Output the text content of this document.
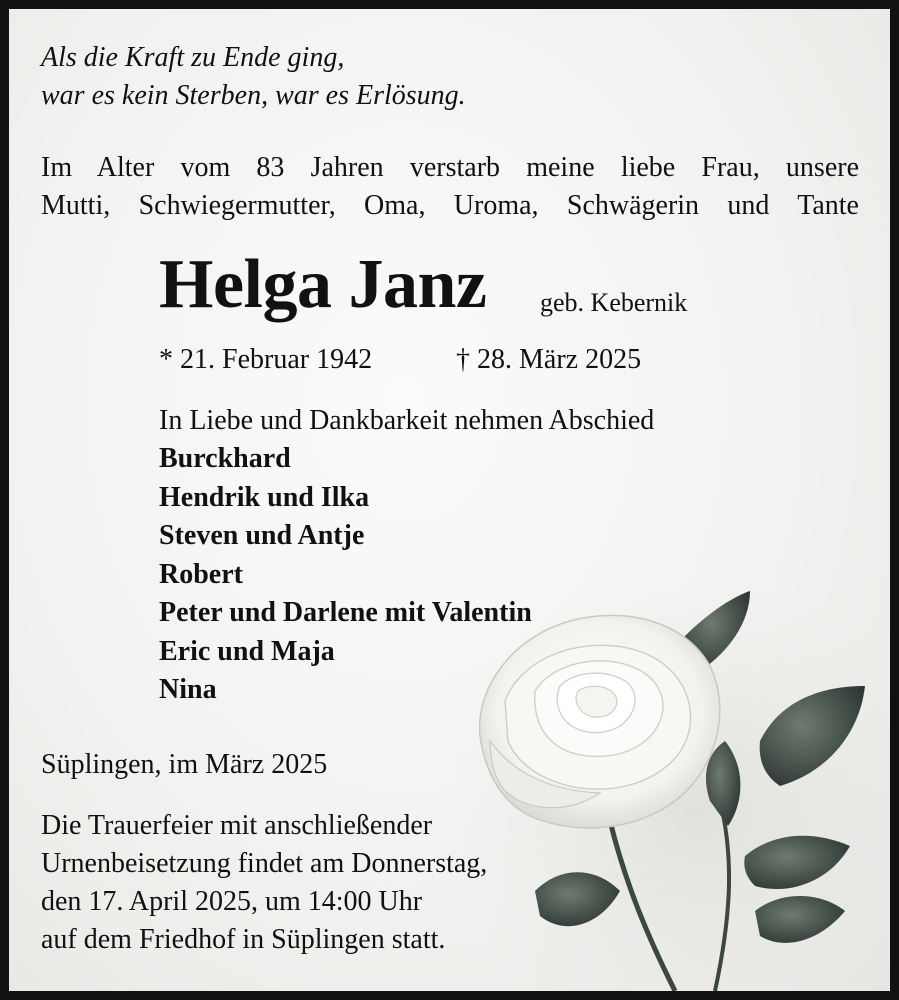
Als die Kraft zu Ende ging,
war es kein Sterben, war es Erlösung.
Im Alter vom 83 Jahren verstarb meine liebe Frau, unsere
Mutti, Schwiegermutter, Oma, Uroma, Schwägerin und Tante
Helga Janz geb. Kebernik
* 21. Februar 1942	† 28. März 2025
In Liebe und Dankbarkeit nehmen Abschied
Burckhard
Hendrik und Ilka
Steven und Antje
Robert
Peter und Darlene mit Valentin
Eric und Maja
Nina
Süplingen, im März 2025
Die Trauerfeier mit anschließender
Urnenbeisetzung findet am Donnerstag,
den 17. April 2025, um 14:00 Uhr
auf dem Friedhof in Süplingen statt.
